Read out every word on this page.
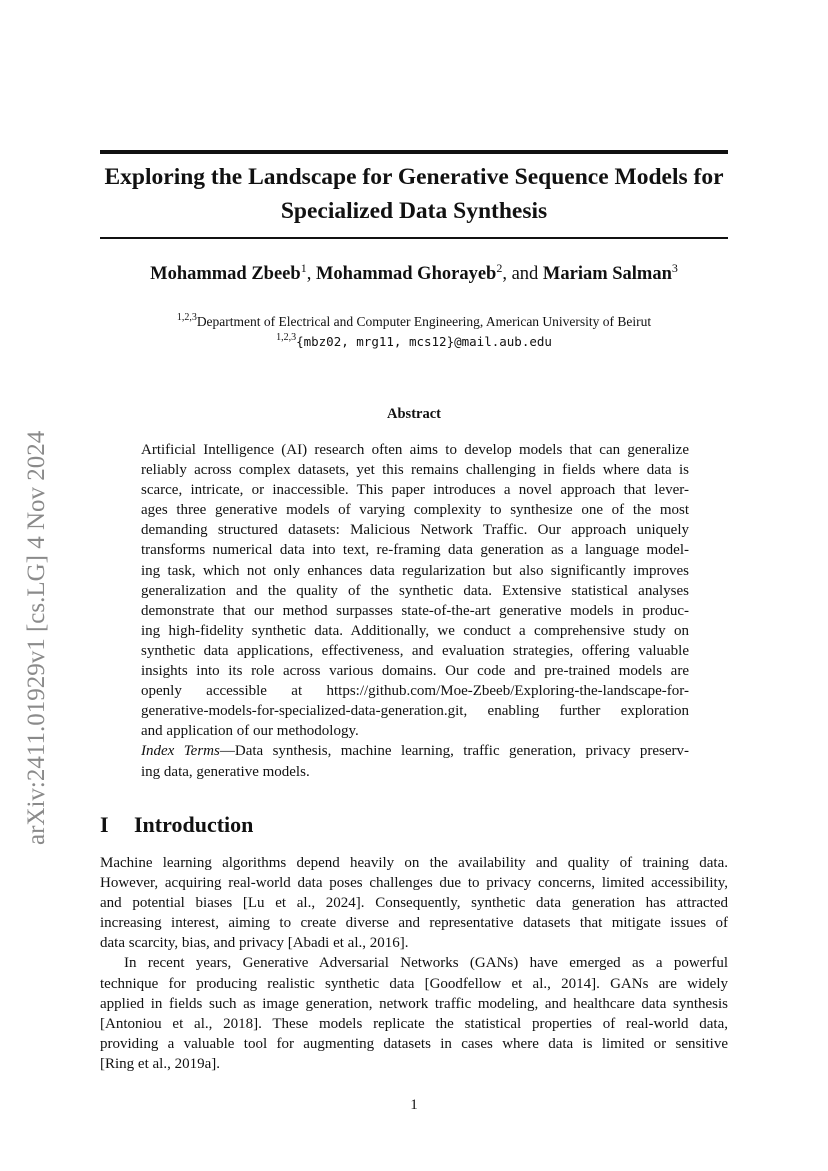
arXiv:2411.01929v1 [cs.LG] 4 Nov 2024
Exploring the Landscape for Generative Sequence Models for
Specialized Data Synthesis
Mohammad Zbeeb$^1$, Mohammad Ghorayeb$^2$, and Mariam Salman$^3$
$^{1,2,3}$Department of Electrical and Computer Engineering, American University of Beirut
$^{1,2,3}${mbz02, mrg11, mcs12}@mail.aub.edu
Abstract
Artificial Intelligence (AI) research often aims to develop models that can generalize
reliably across complex datasets, yet this remains challenging in fields where data is
scarce, intricate, or inaccessible. This paper introduces a novel approach that lever-
ages three generative models of varying complexity to synthesize one of the most
demanding structured datasets: Malicious Network Traffic. Our approach uniquely
transforms numerical data into text, re-framing data generation as a language model-
ing task, which not only enhances data regularization but also significantly improves
generalization and the quality of the synthetic data. Extensive statistical analyses
demonstrate that our method surpasses state-of-the-art generative models in produc-
ing high-fidelity synthetic data. Additionally, we conduct a comprehensive study on
synthetic data applications, effectiveness, and evaluation strategies, offering valuable
insights into its role across various domains. Our code and pre-trained models are
openly accessible at https://github.com/Moe-Zbeeb/Exploring-the-landscape-for-
generative-models-for-specialized-data-generation.git, enabling further exploration
and application of our methodology.
Index Terms—Data synthesis, machine learning, traffic generation, privacy preserv-
ing data, generative models.
I Introduction
Machine learning algorithms depend heavily on the availability and quality of training data.
However, acquiring real-world data poses challenges due to privacy concerns, limited accessibility,
and potential biases [Lu et al., 2024]. Consequently, synthetic data generation has attracted
increasing interest, aiming to create diverse and representative datasets that mitigate issues of
data scarcity, bias, and privacy [Abadi et al., 2016].
In recent years, Generative Adversarial Networks (GANs) have emerged as a powerful
technique for producing realistic synthetic data [Goodfellow et al., 2014]. GANs are widely
applied in fields such as image generation, network traffic modeling, and healthcare data synthesis
[Antoniou et al., 2018]. These models replicate the statistical properties of real-world data,
providing a valuable tool for augmenting datasets in cases where data is limited or sensitive
[Ring et al., 2019a].
1
